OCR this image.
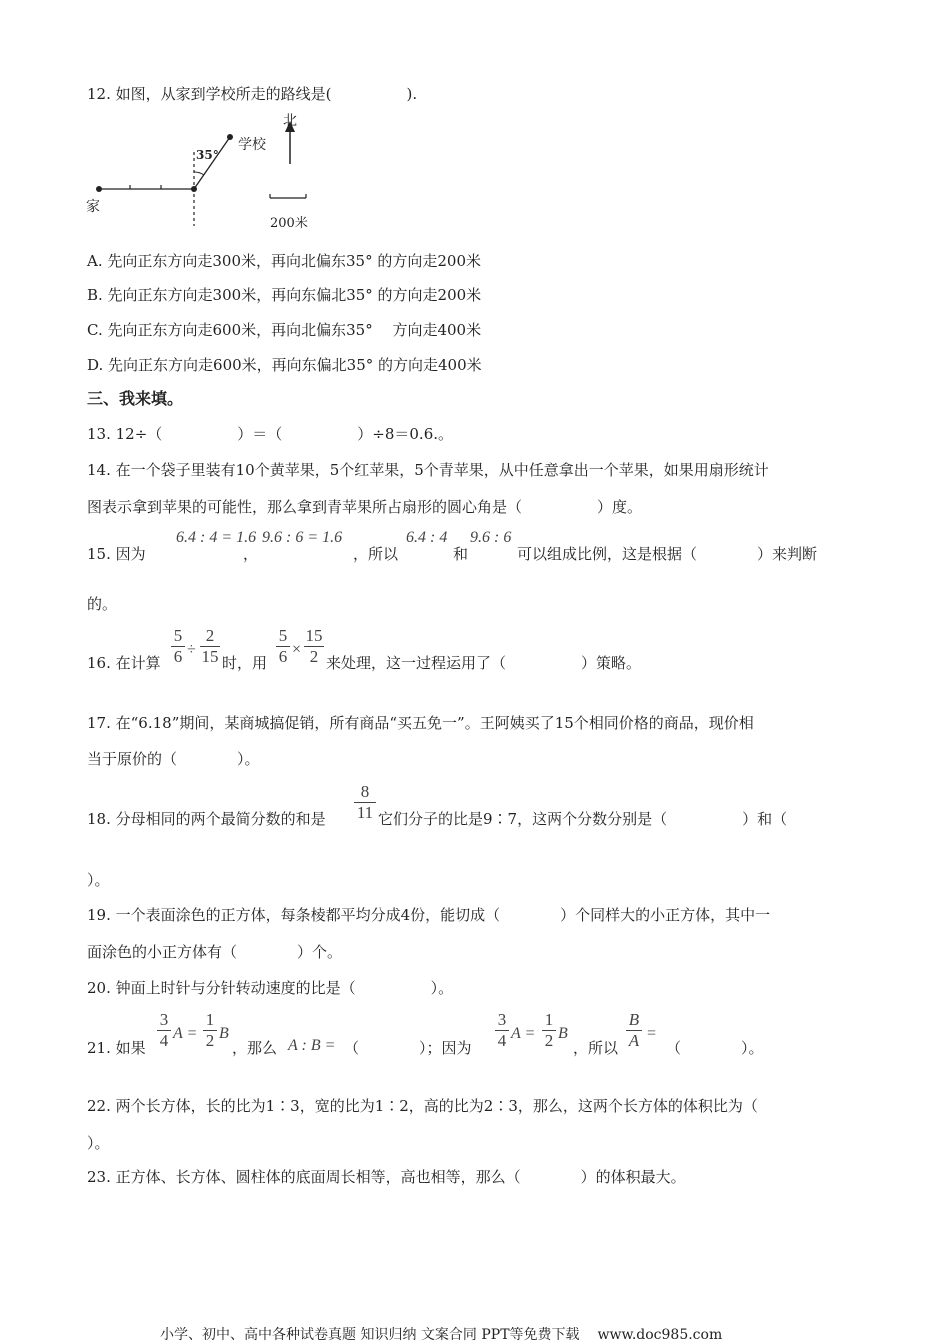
12. 如图，从家到学校所走的路线是(　　　　　).
家
学校
35°
北
200米
A. 先向正东方向走300米，再向北偏东35° 的方向走200米
B. 先向正东方向走300米，再向东偏北35° 的方向走200米
C. 先向正东方向走600米，再向北偏东35°　 方向走400米
D. 先向正东方向走600米，再向东偏北35° 的方向走400米
三、我来填。
13. 12÷（　　　　　）＝（　　　　　）÷8＝0.6.。
14. 在一个袋子里装有10个黄苹果，5个红苹果，5个青苹果，从中任意拿出一个苹果，如果用扇形统计
图表示拿到苹果的可能性，那么拿到青苹果所占扇形的圆心角是（　　　　　）度。
15. 因为
6.4 : 4 = 1.6
，
9.6 : 6 = 1.6
，所以
6.4 : 4
和
9.6 : 6
可以组成比例，这是根据（　　　　）来判断
的。
16. 在计算
5
6 ÷
2
15 时，用
5
6 ×
15
2 来处理，这一过程运用了（　　　　　）策略。
17. 在“6.18”期间，某商城搞促销，所有商品“买五免一”。王阿姨买了15个相同价格的商品，现价相
当于原价的（　　　　）。
18. 分母相同的两个最简分数的和是
8
11 它们分子的比是9∶7，这两个分数分别是（　　　　　）和（
）。
19. 一个表面涂色的正方体，每条棱都平均分成4份，能切成（　　　　）个同样大的小正方体，其中一
面涂色的小正方体有（　　　　）个。
20. 钟面上时针与分针转动速度的比是（　　　　　）。
21. 如果
3
4 A =
1
2 B
，那么 A : B = （　　　　）；因为
3
4 A =
1
2 B
，所以
B
A =
（　　　　）。
22. 两个长方体，长的比为1∶3，宽的比为1∶2，高的比为2∶3，那么，这两个长方体的体积比为（
）。
23. 正方体、长方体、圆柱体的底面周长相等，高也相等，那么（　　　　）的体积最大。
小学、初中、高中各种试卷真题 知识归纳 文案合同 PPT等免费下载 www.doc985.com
